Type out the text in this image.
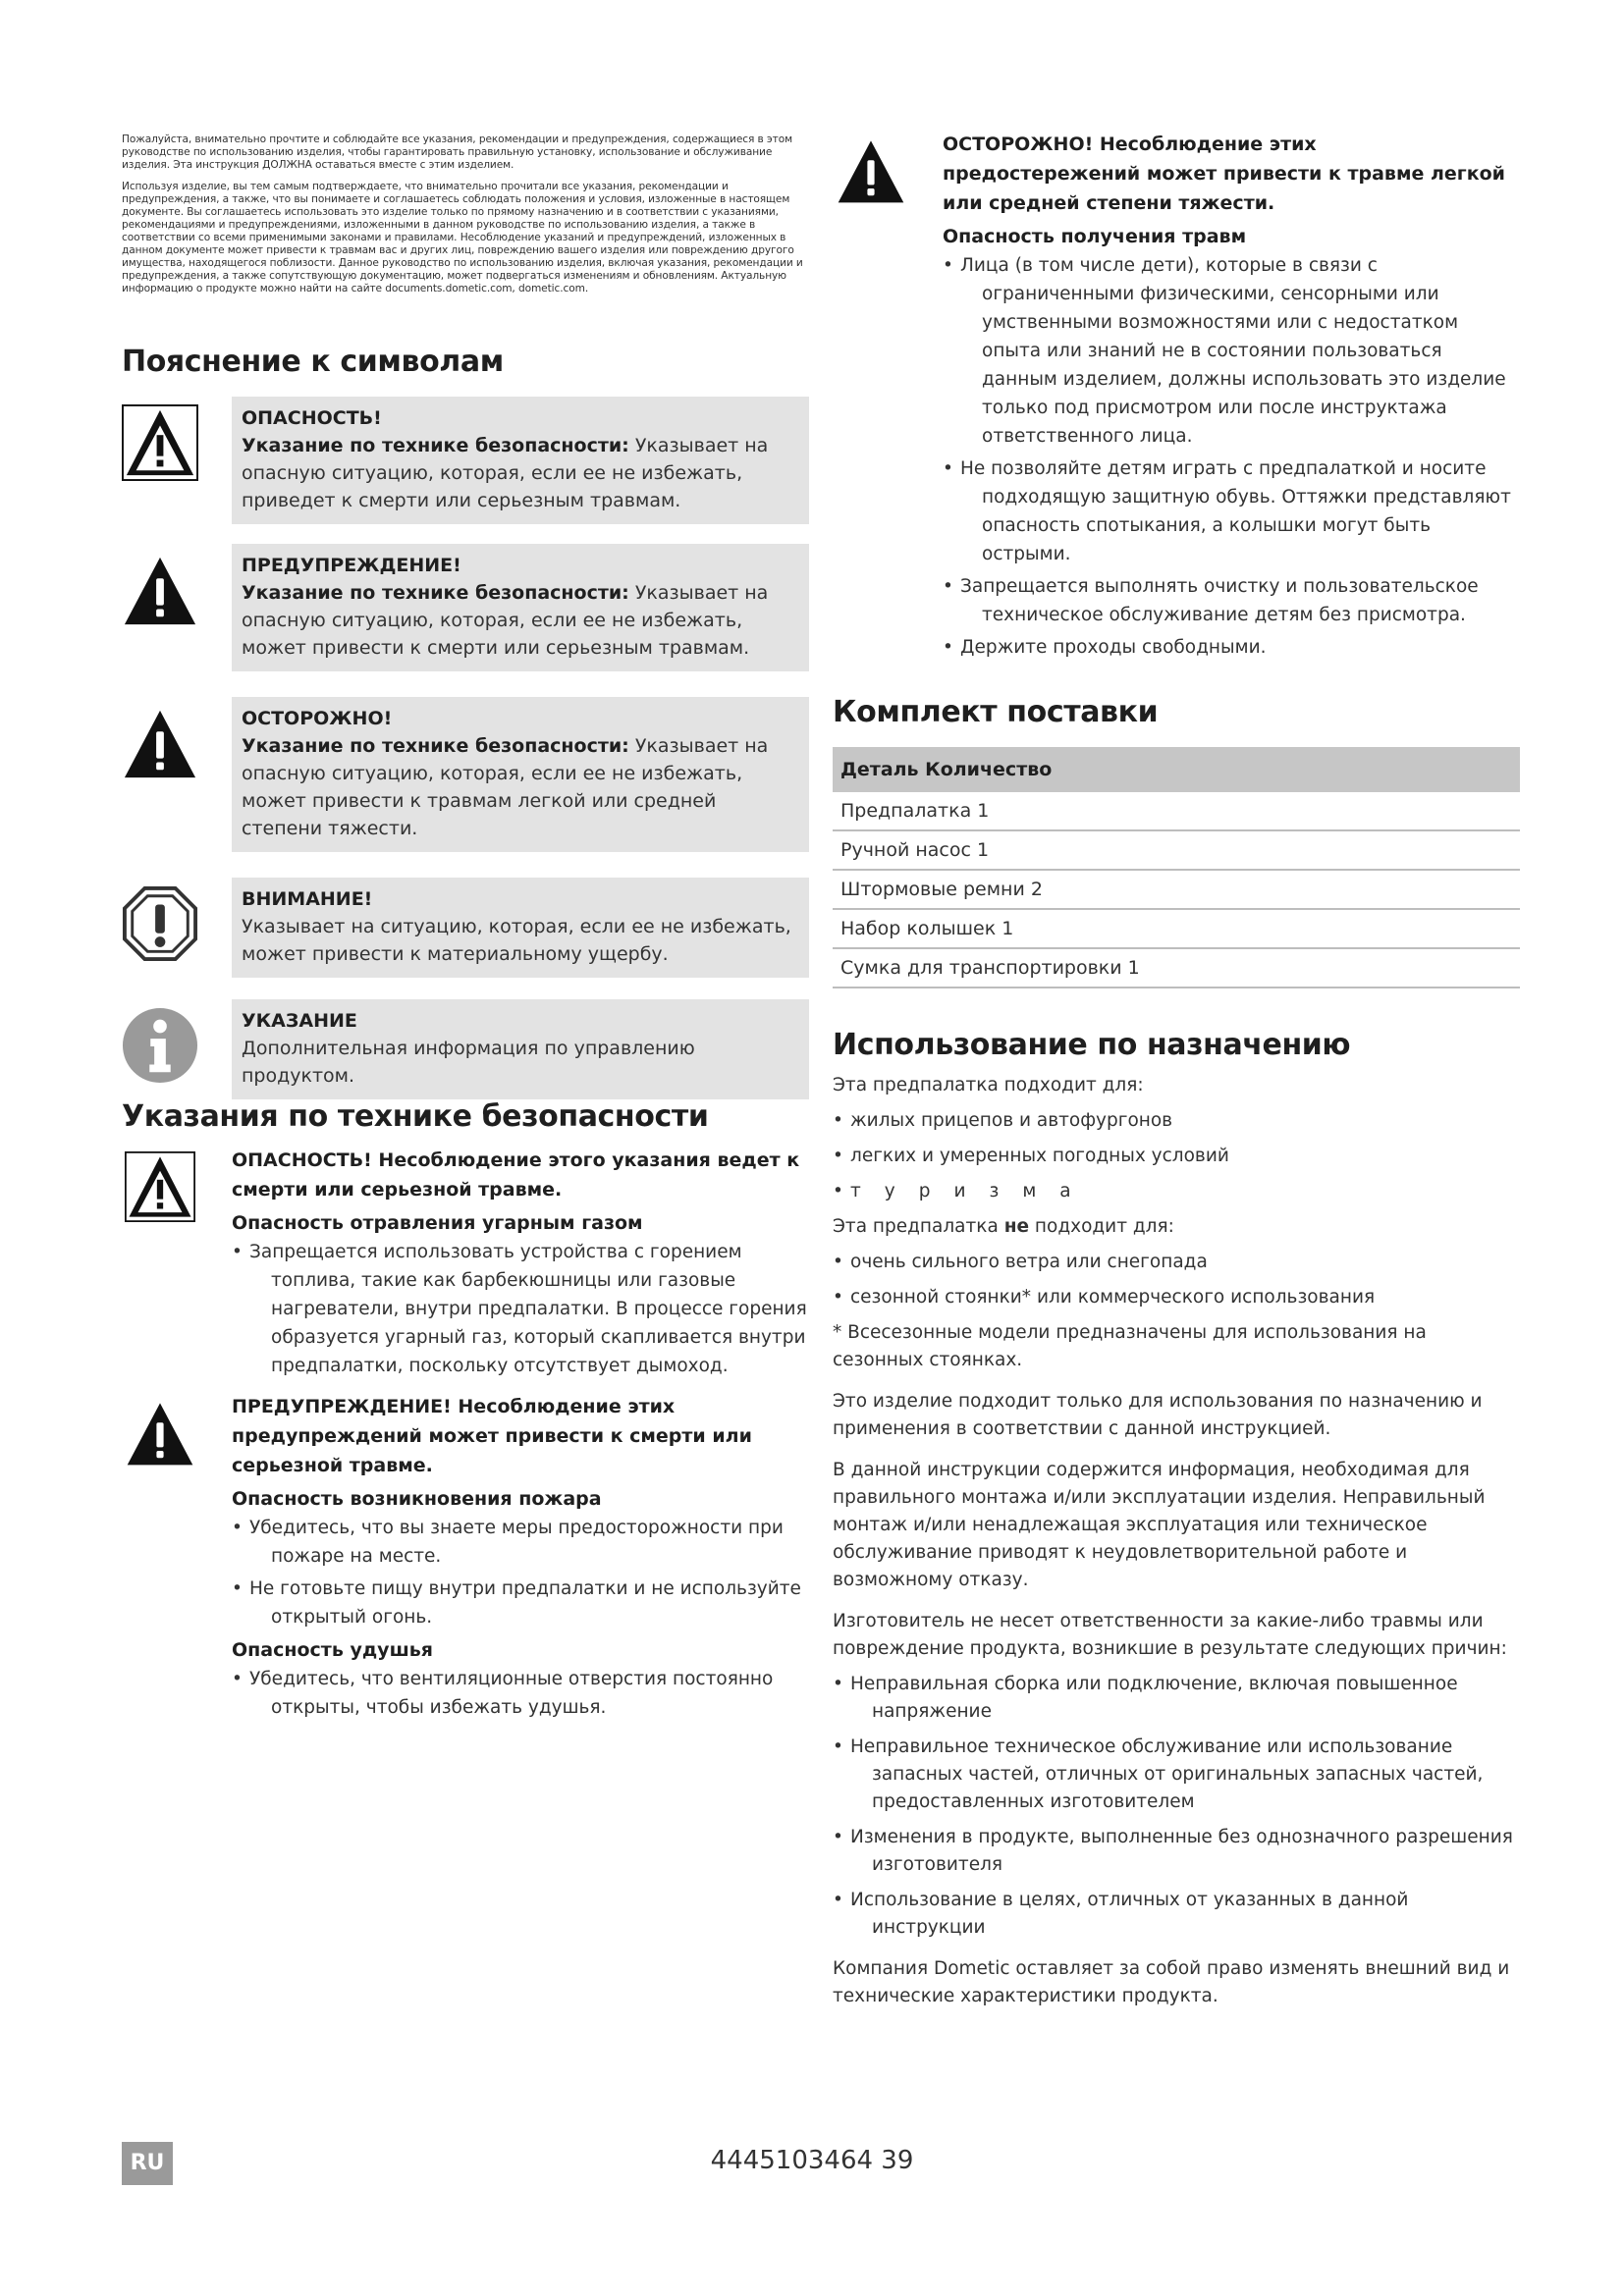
Пожалуйста, внимательно прочтите и соблюдайте все указания, рекомендации и предупреждения, содержащиеся в этом руководстве по использованию изделия, чтобы гарантировать правильную установку, использование и обслуживание изделия. Эта инструкция ДОЛЖНА оставаться вместе с этим изделием.

Используя изделие, вы тем самым подтверждаете, что внимательно прочитали все указания, рекомендации и предупреждения, а также, что вы понимаете и соглашаетесь соблюдать положения и условия, изложенные в настоящем документе. Вы соглашаетесь использовать это изделие только по прямому назначению и в соответствии с указаниями, рекомендациями и предупреждениями, изложенными в данном руководстве по использованию изделия, а также в соответствии со всеми применимыми законами и правилами. Несоблюдение указаний и предупреждений, изложенных в данном документе может привести к травмам вас и других лиц, повреждению вашего изделия или повреждению другого имущества, находящегося поблизости. Данное руководство по использованию изделия, включая указания, рекомендации и предупреждения, а также сопутствующую документацию, может подвергаться изменениям и обновлениям. Актуальную информацию о продукте можно найти на сайте documents.dometic.com, dometic.com.

Пояснение к символам
ОПАСНОСТЬ!
Указание по технике безопасности: Указывает на опасную ситуацию, которая, если ее не избежать, приведет к смерти или серьезным травмам.
ПРЕДУПРЕЖДЕНИЕ!
Указание по технике безопасности: Указывает на опасную ситуацию, которая, если ее не избежать, может привести к смерти или серьезным травмам.
ОСТОРОЖНО!
Указание по технике безопасности: Указывает на опасную ситуацию, которая, если ее не избежать, может привести к травмам легкой или средней степени тяжести.
ВНИМАНИЕ!
Указывает на ситуацию, которая, если ее не избежать, может привести к материальному ущербу.
УКАЗАНИЕ
Дополнительная информация по управлению продуктом.
Указания по технике безопасности
ОПАСНОСТЬ! Несоблюдение этого указания ведет к смерти или серьезной травме.
Опасность отравления угарным газом
• Запрещается использовать устройства с горением топлива, такие как барбекюшницы или газовые нагреватели, внутри предпалатки. В процессе горения образуется угарный газ, который скапливается внутри предпалатки, поскольку отсутствует дымоход.
ПРЕДУПРЕЖДЕНИЕ! Несоблюдение этих предупреждений может привести к смерти или серьезной травме.
Опасность возникновения пожара
• Убедитесь, что вы знаете меры предосторожности при пожаре на месте.
• Не готовьте пищу внутри предпалатки и не используйте открытый огонь.
Опасность удушья
• Убедитесь, что вентиляционные отверстия постоянно открыты, чтобы избежать удушья.
ОСТОРОЖНО! Несоблюдение этих предостережений может привести к травме легкой или средней степени тяжести.
Опасность получения травм
• Лица (в том числе дети), которые в связи с ограниченными физическими, сенсорными или умственными возможностями или с недостатком опыта или знаний не в состоянии пользоваться данным изделием, должны использовать это изделие только под присмотром или после инструктажа ответственного лица.
• Не позволяйте детям играть с предпалаткой и носите подходящую защитную обувь. Оттяжки представляют опасность спотыкания, а колышки могут быть острыми.
• Запрещается выполнять очистку и пользовательское техническое обслуживание детям без присмотра.
• Держите проходы свободными.
Комплект поставки
Деталь Количество
Предпалатка 1
Ручной насос 1
Штормовые ремни 2
Набор колышек 1
Сумка для транспортировки 1
Использование по назначению

Эта предпалатка подходит для:

• жилых прицепов и автофургонов
• легких и умеренных погодных условий
• туризма

Эта предпалатка не подходит для:

• очень сильного ветра или снегопада
• сезонной стоянки* или коммерческого использования

* Всесезонные модели предназначены для использования на сезонных стоянках.

Это изделие подходит только для использования по назначению и применения в соответствии с данной инструкцией.

В данной инструкции содержится информация, необходимая для правильного монтажа и/или эксплуатации изделия. Неправильный монтаж и/или ненадлежащая эксплуатация или техническое обслуживание приводят к неудовлетворительной работе и возможному отказу.

Изготовитель не несет ответственности за какие-либо травмы или повреждение продукта, возникшие в результате следующих причин:

• Неправильная сборка или подключение, включая повышенное напряжение
• Неправильное техническое обслуживание или использование запасных частей, отличных от оригинальных запасных частей, предоставленных изготовителем
• Изменения в продукте, выполненные без однозначного разрешения изготовителя
• Использование в целях, отличных от указанных в данной инструкции

Компания Dometic оставляет за собой право изменять внешний вид и технические характеристики продукта.

RU	4445103464 39
